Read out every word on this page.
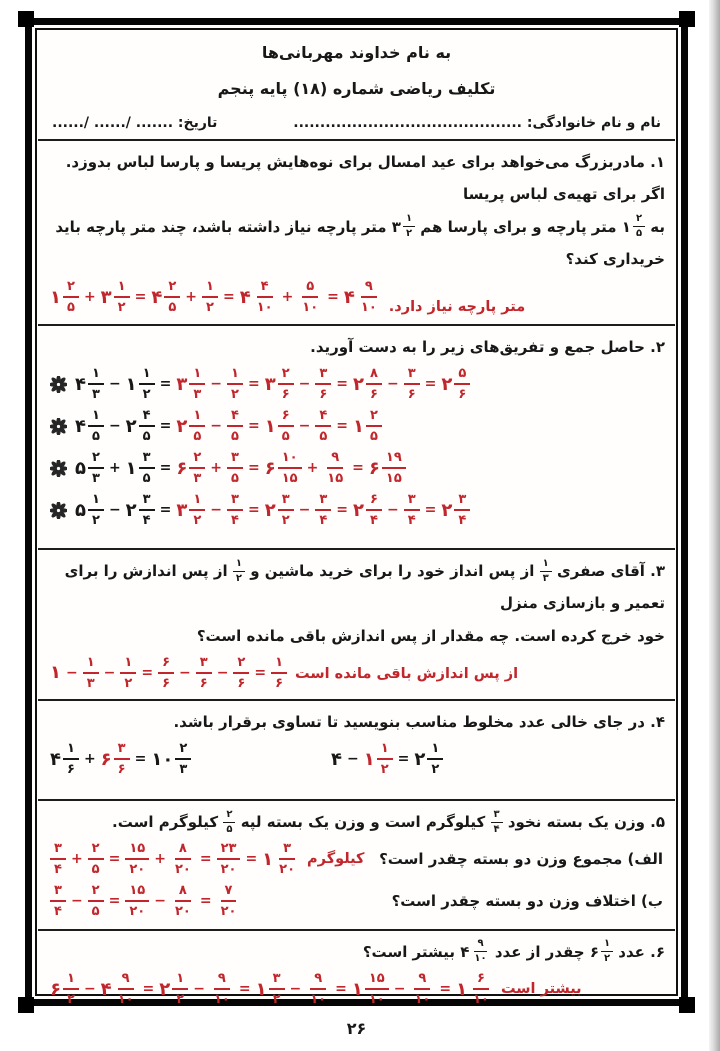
به نام خداوند مهربانی‌ها
تکلیف ریاضی شماره (۱۸) پایه پنجم
نام و نام خانوادگی: ...........................................
تاریخ: ....... /...... /......
۱. مادربزرگ می‌خواهد برای عید امسال برای نوه‌هایش پریسا و پارسا لباس بدوزد. اگر برای تهیه‌ی لباس پریسا
به
۱ $\frac{۲}{۵}$
متر پارچه و برای پارسا هم
۳ $\frac{۱}{۲}$
متر پارچه نیاز داشته باشد، چند متر پارچه باید خریداری کند؟
۱ $\frac{۲}{۵}$ + ۳ $\frac{۱}{۲}$ = ۴ $\frac{۲}{۵} + \frac{۱}{۲}$ = ۴ $\frac{۴}{۱۰} + \frac{۵}{۱۰}$ = ۴ $\frac{۹}{۱۰}$ متر پارچه نیاز دارد.
۲. حاصل جمع و تفریق‌های زیر را به دست آورید.
۴ $\frac{۱}{۳}$ − ۱ $\frac{۱}{۲}$ = ۳ $\frac{۱}{۳} - \frac{۱}{۲}$ = ۳ $\frac{۲}{۶} - \frac{۳}{۶}$ = ۲ $\frac{۸}{۶} - \frac{۳}{۶}$ = ۲ $\frac{۵}{۶}$
۴ $\frac{۱}{۵}$ − ۲ $\frac{۴}{۵}$ = ۲ $\frac{۱}{۵} - \frac{۴}{۵}$ = ۱ $\frac{۶}{۵} - \frac{۴}{۵}$ = ۱ $\frac{۲}{۵}$
۵ $\frac{۲}{۳}$ + ۱ $\frac{۳}{۵}$ = ۶ $\frac{۲}{۳} + \frac{۳}{۵}$ = ۶ $\frac{۱۰}{۱۵} + \frac{۹}{۱۵}$ = ۶ $\frac{۱۹}{۱۵}$
۵ $\frac{۱}{۲}$ − ۲ $\frac{۳}{۴}$ = ۳ $\frac{۱}{۲} - \frac{۳}{۴}$ = ۲ $\frac{۳}{۲} - \frac{۳}{۴}$ = ۲ $\frac{۶}{۴} - \frac{۳}{۴}$ = ۲ $\frac{۳}{۴}$
۳. آقای صفری
$\frac{۱}{۳}$
از پس انداز خود را برای خرید ماشین و
$\frac{۱}{۲}$
از پس اندازش را برای تعمیر و بازسازی منزل
خود خرج کرده است. چه مقدار از پس اندازش باقی مانده است؟
۱ − $\frac{۱}{۳} - \frac{۱}{۲} = \frac{۶}{۶} - \frac{۳}{۶} - \frac{۲}{۶} = \frac{۱}{۶}$ از پس اندازش باقی مانده است
۴. در جای خالی عدد مخلوط مناسب بنویسید تا تساوی برقرار باشد.
۴ $\frac{۱}{۶}$ + ۶ $\frac{۳}{۶}$ = ۱۰ $\frac{۲}{۳}$	۴ − ۱ $\frac{۱}{۲}$ = ۲ $\frac{۱}{۲}$
۵. وزن یک بسته نخود
$\frac{۳}{۴}$
کیلوگرم است و وزن یک بسته لپه
$\frac{۲}{۵}$
کیلوگرم است.
$\frac{۳}{۴} + \frac{۲}{۵} = \frac{۱۵}{۲۰} + \frac{۸}{۲۰} = \frac{۲۳}{۲۰}$ = ۱ $\frac{۳}{۲۰}$ کیلوگرم الف) مجموع وزن دو بسته چقدر است؟
$\frac{۳}{۴} - \frac{۲}{۵} = \frac{۱۵}{۲۰} - \frac{۸}{۲۰} = \frac{۷}{۲۰}$	ب) اختلاف وزن دو بسته چقدر است؟
۶. عدد
۶ $\frac{۱}{۲}$
چقدر از عدد
۴ $\frac{۹}{۱۰}$
بیشتر است؟
۶ $\frac{۱}{۲}$ − ۴ $\frac{۹}{۱۰}$ = ۲ $\frac{۱}{۲} - \frac{۹}{۱۰}$ = ۱ $\frac{۳}{۲} - \frac{۹}{۱۰}$ = ۱ $\frac{۱۵}{۱۰} - \frac{۹}{۱۰}$ = ۱ $\frac{۶}{۱۰}$ بیشتر است
۲۶
